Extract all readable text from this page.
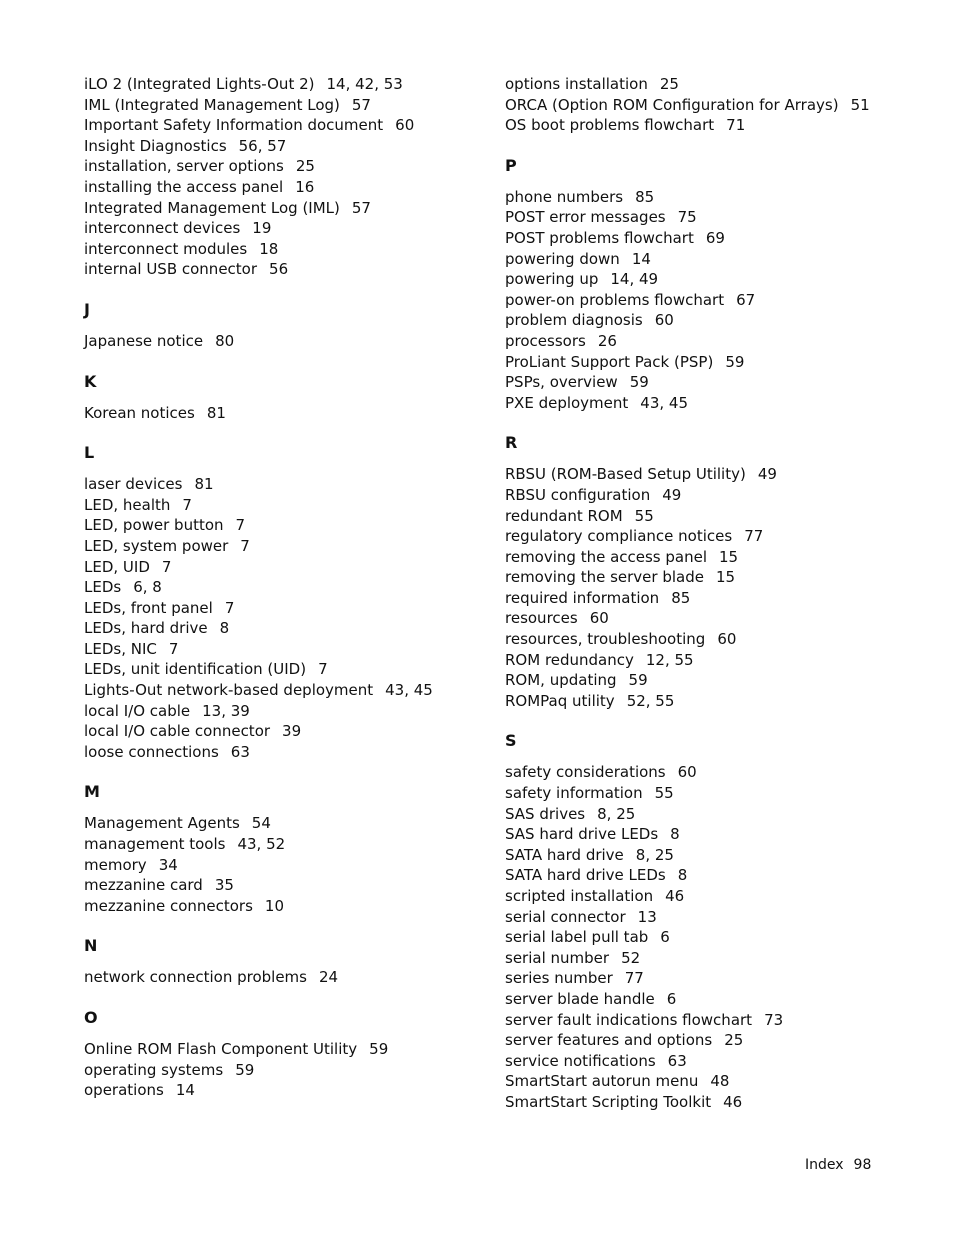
iLO 2 (Integrated Lights-Out 2) 14, 42, 53
IML (Integrated Management Log) 57
Important Safety Information document 60
Insight Diagnostics 56, 57
installation, server options 25
installing the access panel 16
Integrated Management Log (IML) 57
interconnect devices 19
interconnect modules 18
internal USB connector 56
J
Japanese notice 80
K
Korean notices 81
L
laser devices 81
LED, health 7
LED, power button 7
LED, system power 7
LED, UID 7
LEDs 6, 8
LEDs, front panel 7
LEDs, hard drive 8
LEDs, NIC 7
LEDs, unit identification (UID) 7
Lights-Out network-based deployment 43, 45
local I/O cable 13, 39
local I/O cable connector 39
loose connections 63
M
Management Agents 54
management tools 43, 52
memory 34
mezzanine card 35
mezzanine connectors 10
N
network connection problems 24
O
Online ROM Flash Component Utility 59
operating systems 59
operations 14
options installation 25
ORCA (Option ROM Configuration for Arrays) 51
OS boot problems flowchart 71
P
phone numbers 85
POST error messages 75
POST problems flowchart 69
powering down 14
powering up 14, 49
power-on problems flowchart 67
problem diagnosis 60
processors 26
ProLiant Support Pack (PSP) 59
PSPs, overview 59
PXE deployment 43, 45
R
RBSU (ROM-Based Setup Utility) 49
RBSU configuration 49
redundant ROM 55
regulatory compliance notices 77
removing the access panel 15
removing the server blade 15
required information 85
resources 60
resources, troubleshooting 60
ROM redundancy 12, 55
ROM, updating 59
ROMPaq utility 52, 55
S
safety considerations 60
safety information 55
SAS drives 8, 25
SAS hard drive LEDs 8
SATA hard drive 8, 25
SATA hard drive LEDs 8
scripted installation 46
serial connector 13
serial label pull tab 6
serial number 52
series number 77
server blade handle 6
server fault indications flowchart 73
server features and options 25
service notifications 63
SmartStart autorun menu 48
SmartStart Scripting Toolkit 46
Index 98
